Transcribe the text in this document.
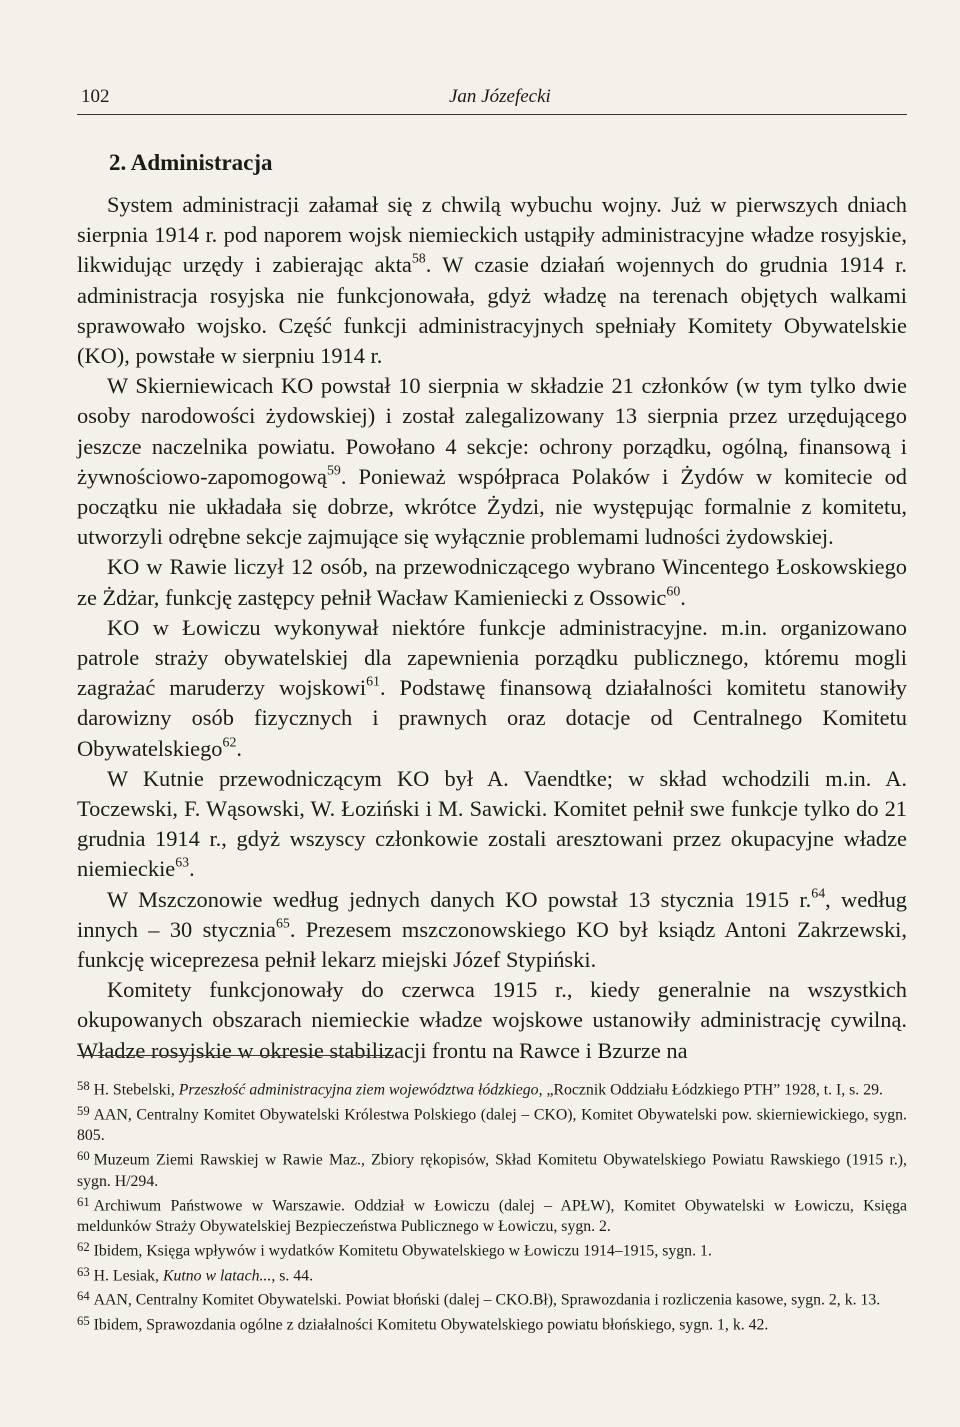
102	Jan Józefecki
2. Administracja

System administracji załamał się z chwilą wybuchu wojny. Już w pierwszych dniach sierpnia 1914 r. pod naporem wojsk niemieckich ustąpiły administracyjne władze rosyjskie, likwidując urzędy i zabierając akta$^{58}$. W czasie działań wojennych do grudnia 1914 r. administracja rosyjska nie funkcjonowała, gdyż władzę na terenach objętych walkami sprawowało wojsko. Część funkcji administracyjnych spełniały Komitety Obywatelskie (KO), powstałe w sierpniu 1914 r.

W Skierniewicach KO powstał 10 sierpnia w składzie 21 członków (w tym tylko dwie osoby narodowości żydowskiej) i został zalegalizowany 13 sierpnia przez urzędującego jeszcze naczelnika powiatu. Powołano 4 sekcje: ochrony porządku, ogólną, finansową i żywnościowo-zapomogową$^{59}$. Ponieważ współpraca Polaków i Żydów w komitecie od początku nie układała się dobrze, wkrótce Żydzi, nie występując formalnie z komitetu, utworzyli odrębne sekcje zajmujące się wyłącznie problemami ludności żydowskiej.

KO w Rawie liczył 12 osób, na przewodniczącego wybrano Wincentego Łoskowskiego ze Żdżar, funkcję zastępcy pełnił Wacław Kamieniecki z Ossowic$^{60}$.

KO w Łowiczu wykonywał niektóre funkcje administracyjne. m.in. organizowano patrole straży obywatelskiej dla zapewnienia porządku publicznego, któremu mogli zagrażać maruderzy wojskowi$^{61}$. Podstawę finansową działalności komitetu stanowiły darowizny osób fizycznych i prawnych oraz dotacje od Centralnego Komitetu Obywatelskiego$^{62}$.

W Kutnie przewodniczącym KO był A. Vaendtke; w skład wchodzili m.in. A. Toczewski, F. Wąsowski, W. Łoziński i M. Sawicki. Komitet pełnił swe funkcje tylko do 21 grudnia 1914 r., gdyż wszyscy członkowie zostali aresztowani przez okupacyjne władze niemieckie$^{63}$.

W Mszczonowie według jednych danych KO powstał 13 stycznia 1915 r.$^{64}$, według innych – 30 stycznia$^{65}$. Prezesem mszczonowskiego KO był ksiądz Antoni Zakrzewski, funkcję wiceprezesa pełnił lekarz miejski Józef Stypiński.

Komitety funkcjonowały do czerwca 1915 r., kiedy generalnie na wszystkich okupowanych obszarach niemieckie władze wojskowe ustanowiły administrację cywilną. Władze rosyjskie w okresie stabilizacji frontu na Rawce i Bzurze na

$^{58}$ H. Stebelski, Przeszłość administracyjna ziem województwa łódzkiego, „Rocznik Oddziału Łódzkiego PTH” 1928, t. I, s. 29.

$^{59}$ AAN, Centralny Komitet Obywatelski Królestwa Polskiego (dalej – CKO), Komitet Obywatelski pow. skierniewickiego, sygn. 805.

$^{60}$ Muzeum Ziemi Rawskiej w Rawie Maz., Zbiory rękopisów, Skład Komitetu Obywatelskiego Powiatu Rawskiego (1915 r.), sygn. H/294.

$^{61}$ Archiwum Państwowe w Warszawie. Oddział w Łowiczu (dalej – APŁW), Komitet Obywatelski w Łowiczu, Księga meldunków Straży Obywatelskiej Bezpieczeństwa Publicznego w Łowiczu, sygn. 2.

$^{62}$ Ibidem, Księga wpływów i wydatków Komitetu Obywatelskiego w Łowiczu 1914–1915, sygn. 1.

$^{63}$ H. Lesiak, Kutno w latach..., s. 44.

$^{64}$ AAN, Centralny Komitet Obywatelski. Powiat błoński (dalej – CKO.Bł), Sprawozdania i rozliczenia kasowe, sygn. 2, k. 13.

$^{65}$ Ibidem, Sprawozdania ogólne z działalności Komitetu Obywatelskiego powiatu błońskiego, sygn. 1, k. 42.
